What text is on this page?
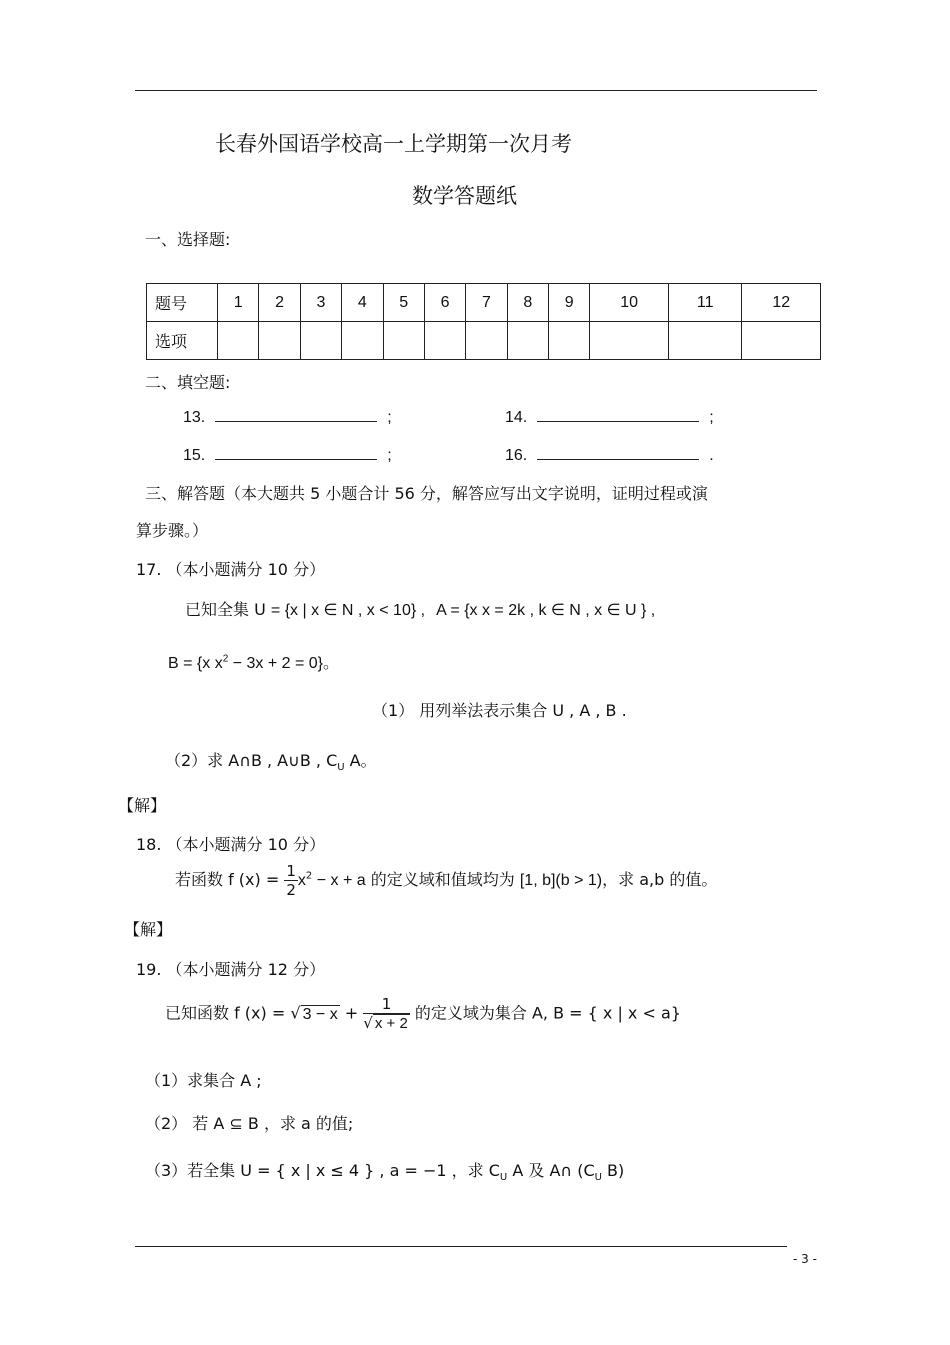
长春外国语学校高一上学期第一次月考
数学答题纸
一、选择题:
题号	1	2	3	4	5	6	7	8	9	10	11	12
选项												
二、填空题:
13.	;	14.	;
15.	;	16.	.
三、解答题（本大题共 5 小题合计 56 分，解答应写出文字说明，证明过程或演
算步骤。）
17. （本小题满分 10 分）
已知全集 U = {x | x ∈ N , x < 10} , A = {x x = 2k , k ∈ N , x ∈ U } ,
B = {x $x^2 - 3x + 2 = 0$}。
（1） 用列举法表示集合 U , A , B .
（2）求 A∩B , A∪B , $C_U$ A。
【解】
18. （本小题满分 10 分）
若函数 f $(x) = \frac{1}{2} x^2 - x + a$ 的定义域和值域均为 [1, b](b > 1)，求 a,b 的值。
【解】
19. （本小题满分 12 分）
已知函数 f (x) = √ $3 - x + \frac{1}{√ x + 2}$ 的定义域为集合 A, B = { x | x < a}
（1）求集合 A ;
（2） 若 A ⊆ B ，求 a 的值;
（3）若全集 U = { x | x ≤ 4 } , a = −1 ，求 $C_U$ A 及 A∩ ($C_U$ B)
- 3 -
